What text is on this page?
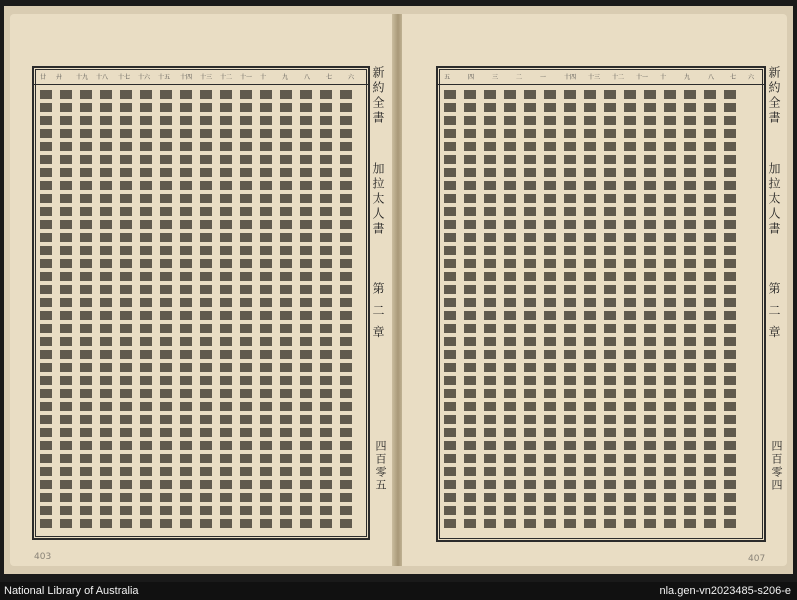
新約全書
加拉太人書
第 二 章
四百零五
廿 廾 十九 十八 十七 十六 十五 十四 十三 十二 十一 十	九	八	七	六
403
新約全書
加拉太人書
第 二 章
四百零四
五	四	三	二	一	十四 十三 十二 十一 十	九	八	七 六
407
National Library of Australia	nla.gen-vn2023485-s206-e
